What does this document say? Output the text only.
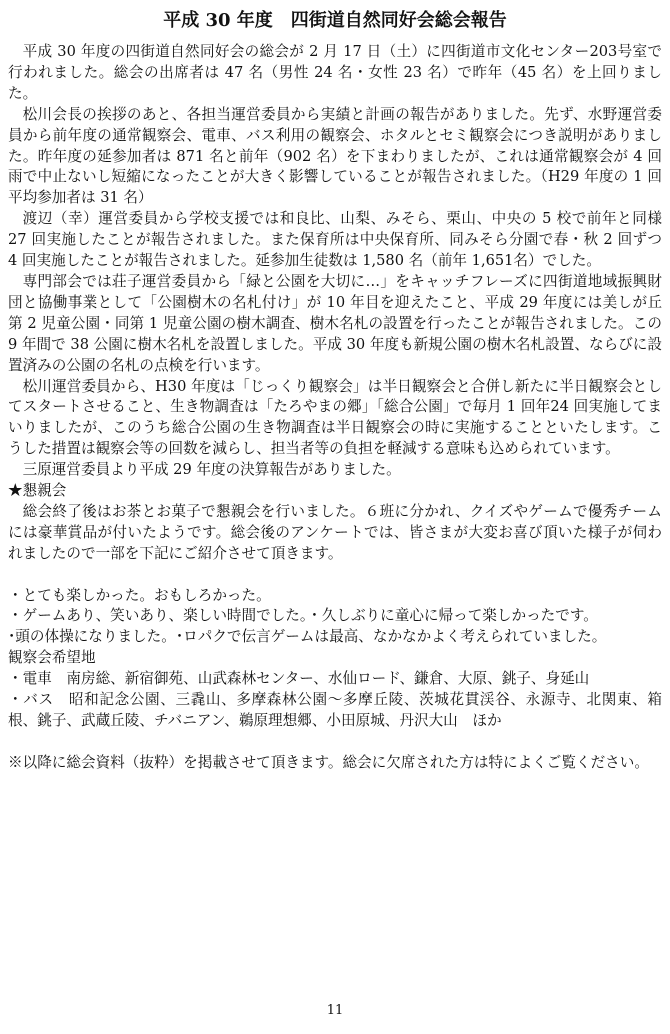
平成 30 年度　四街道自然同好会総会報告

平成 30 年度の四街道自然同好会の総会が 2 月 17 日（土）に四街道市文化センター203号室で行われました。総会の出席者は 47 名（男性 24 名・女性 23 名）で昨年（45 名）を上回りました。

松川会長の挨拶のあと、各担当運営委員から実績と計画の報告がありました。先ず、水野運営委員から前年度の通常観察会、電車、バス利用の観察会、ホタルとセミ観察会につき説明がありました。昨年度の延参加者は 871 名と前年（902 名）を下まわりましたが、これは通常観察会が 4 回雨で中止ないし短縮になったことが大きく影響していることが報告されました。（H29 年度の 1 回平均参加者は 31 名）

渡辺（幸）運営委員から学校支援では和良比、山梨、みそら、栗山、中央の 5 校で前年と同様 27 回実施したことが報告されました。また保育所は中央保育所、同みそら分園で春・秋 2 回ずつ 4 回実施したことが報告されました。延参加生徒数は 1,580 名（前年 1,651名）でした。

専門部会では荘子運営委員から「緑と公園を大切に…」をキャッチフレーズに四街道地域振興財団と協働事業として「公園樹木の名札付け」が 10 年目を迎えたこと、平成 29 年度には美しが丘第 2 児童公園・同第 1 児童公園の樹木調査、樹木名札の設置を行ったことが報告されました。この 9 年間で 38 公園に樹木名札を設置しました。平成 30 年度も新規公園の樹木名札設置、ならびに設置済みの公園の名札の点検を行います。

松川運営委員から、H30 年度は「じっくり観察会」は半日観察会と合併し新たに半日観察会としてスタートさせること、生き物調査は「たろやまの郷」「総合公園」で毎月 1 回年24 回実施してまいりましたが、このうち総合公園の生き物調査は半日観察会の時に実施することといたします。こうした措置は観察会等の回数を減らし、担当者等の負担を軽減する意味も込められています。

三原運営委員より平成 29 年度の決算報告がありました。

★懇親会

総会終了後はお茶とお菓子で懇親会を行いました。６班に分かれ、クイズやゲームで優秀チームには豪華賞品が付いたようです。総会後のアンケートでは、皆さまが大変お喜び頂いた様子が伺われましたので一部を下記にご紹介させて頂きます。

・とても楽しかった。おもしろかった。

・ゲームあり、笑いあり、楽しい時間でした。・久しぶりに童心に帰って楽しかったです。

･頭の体操になりました。･ロパクで伝言ゲームは最高、なかなかよく考えられていました。

観察会希望地

・電車　南房総、新宿御苑、山武森林センター、水仙ロード、鎌倉、大原、銚子、身延山

・バス　昭和記念公園、三毳山、多摩森林公園～多摩丘陵、茨城花貫渓谷、永源寺、北関東、箱根、銚子、武蔵丘陵、チバニアン、鵜原理想郷、小田原城、丹沢大山　ほか

※以降に総会資料（抜粋）を掲載させて頂きます。総会に欠席された方は特によくご覧ください。

11
